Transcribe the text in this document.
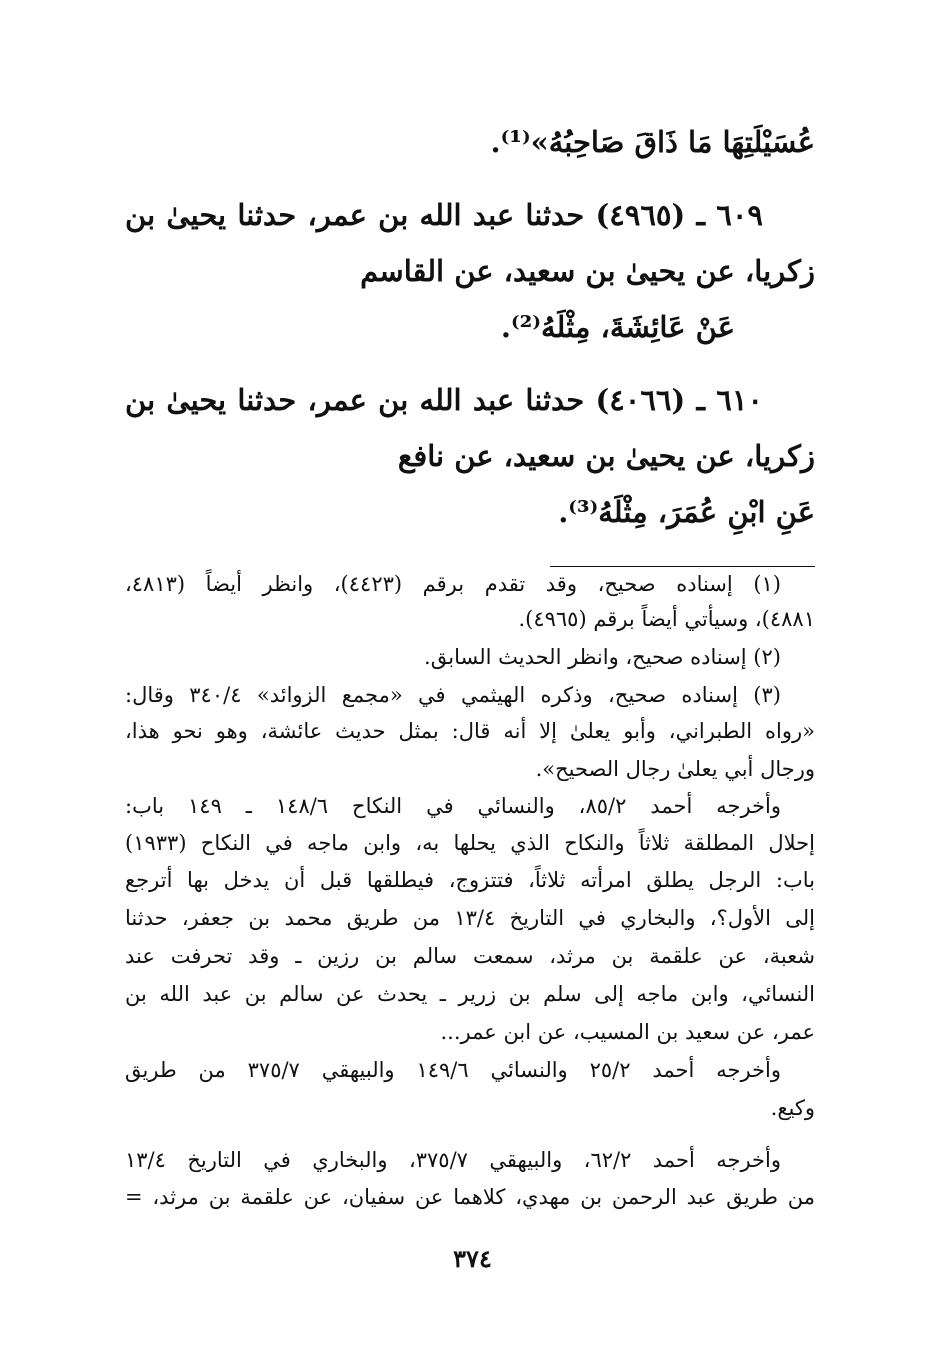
عُسَيْلَتِهَا مَا ذَاقَ صَاحِبُهُ»⁽¹⁾.
٦٠٩ ـ (٤٩٦٥) حدثنا عبد الله بن عمر، حدثنا يحيىٰ بن
زكريا، عن يحيىٰ بن سعيد، عن القاسم
عَنْ عَائِشَةَ، مِثْلَهُ⁽²⁾.
٦١٠ ـ (٤٠٦٦) حدثنا عبد الله بن عمر، حدثنا يحيىٰ بن
زكريا، عن يحيىٰ بن سعيد، عن نافع
عَنِ ابْنِ عُمَرَ، مِثْلَهُ⁽³⁾.
(١) إسناده صحيح، وقد تقدم برقم (٤٤٢٣)، وانظر أيضاً (٤٨١٣،
٤٨٨١)، وسيأتي أيضاً برقم (٤٩٦٥).
(٢) إسناده صحيح، وانظر الحديث السابق.
(٣) إسناده صحيح، وذكره الهيثمي في «مجمع الزوائد» ٣٤٠/٤ وقال:
«رواه الطبراني، وأبو يعلىٰ إلا أنه قال: بمثل حديث عائشة، وهو نحو هذا،
ورجال أبي يعلىٰ رجال الصحيح».
وأخرجه أحمد ٨٥/٢، والنسائي في النكاح ١٤٨/٦ ـ ١٤٩ باب:
إحلال المطلقة ثلاثاً والنكاح الذي يحلها به، وابن ماجه في النكاح (١٩٣٣)
باب: الرجل يطلق امرأته ثلاثاً، فتتزوج، فيطلقها قبل أن يدخل بها أترجع
إلى الأول؟، والبخاري في التاريخ ١٣/٤ من طريق محمد بن جعفر، حدثنا
شعبة، عن علقمة بن مرثد، سمعت سالم بن رزين ـ وقد تحرفت عند
النسائي، وابن ماجه إلى سلم بن زرير ـ يحدث عن سالم بن عبد الله بن
عمر، عن سعيد بن المسيب، عن ابن عمر...
وأخرجه أحمد ٢٥/٢ والنسائي ١٤٩/٦ والبيهقي ٣٧٥/٧ من طريق
وكيع.
وأخرجه أحمد ٦٢/٢، والبيهقي ٣٧٥/٧، والبخاري في التاريخ ١٣/٤
من طريق عبد الرحمن بن مهدي، كلاهما عن سفيان، عن علقمة بن مرثد، =
٣٧٤
